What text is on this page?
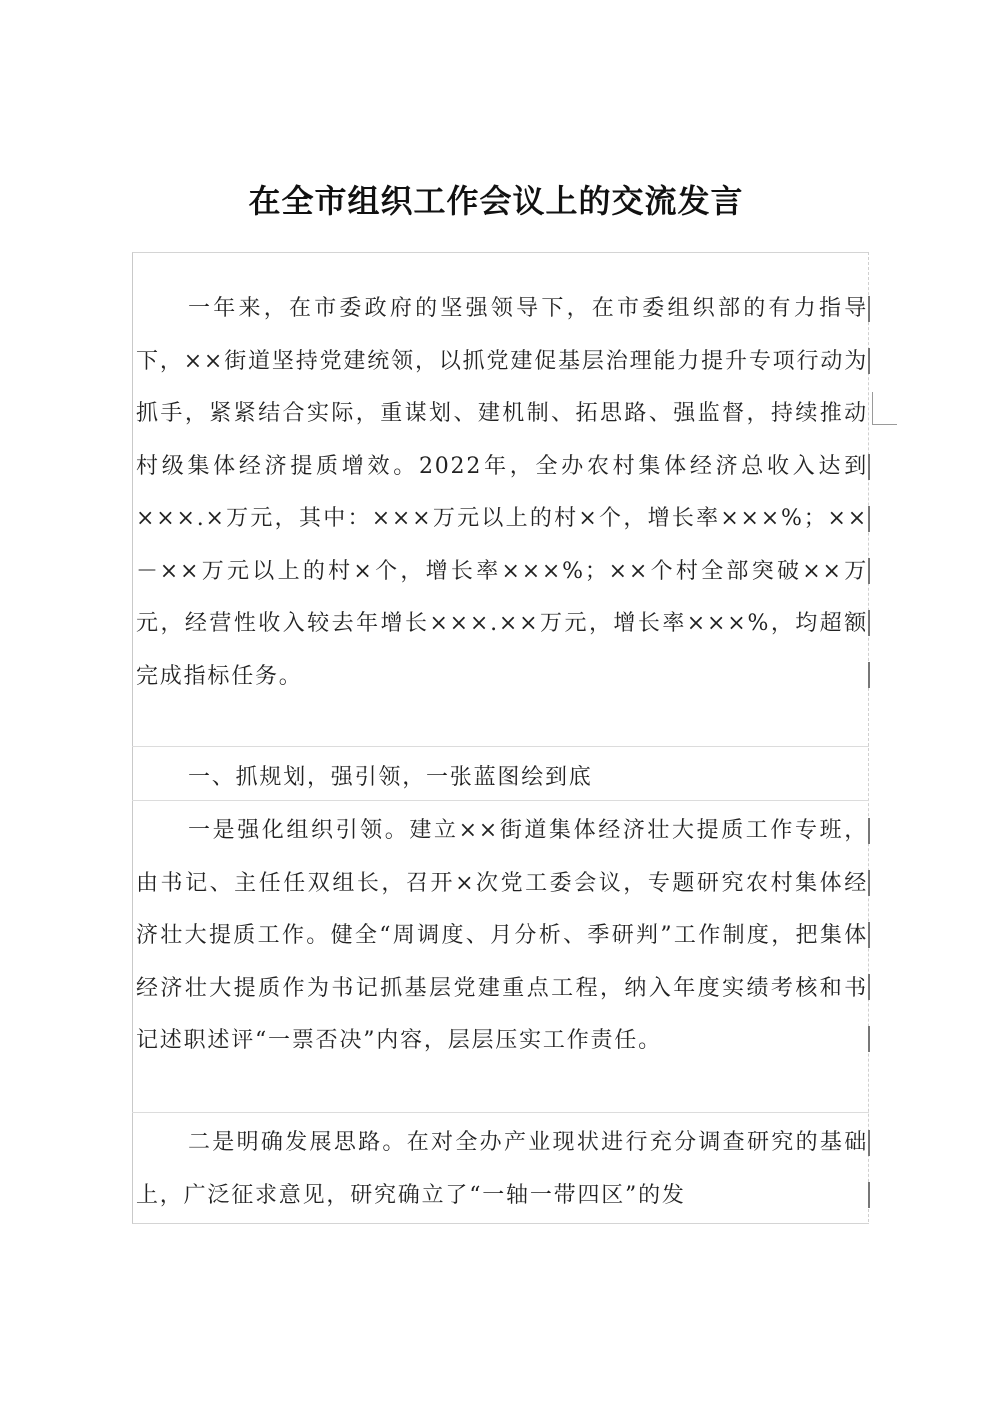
在全市组织工作会议上的交流发言

一年来，在市委政府的坚强领导下，在市委组织部的有力指导下，××街道坚持党建统领，以抓党建促基层治理能力提升专项行动为抓手，紧紧结合实际，重谋划、建机制、拓思路、强监督，持续推动村级集体经济提质增效。2022年，全办农村集体经济总收入达到×××.×万元，其中：×××万元以上的村×个，增长率×××%；××－××万元以上的村×个，增长率×××%；××个村全部突破××万元，经营性收入较去年增长×××.××万元，增长率×××%，均超额完成指标任务。

一、抓规划，强引领，一张蓝图绘到底

一是强化组织引领。建立××街道集体经济壮大提质工作专班，由书记、主任任双组长，召开×次党工委会议，专题研究农村集体经济壮大提质工作。健全“周调度、月分析、季研判”工作制度，把集体经济壮大提质作为书记抓基层党建重点工程，纳入年度实绩考核和书记述职述评“一票否决”内容，层层压实工作责任。

二是明确发展思路。在对全办产业现状进行充分调查研究的基础上，广泛征求意见，研究确立了“一轴一带四区”的发
